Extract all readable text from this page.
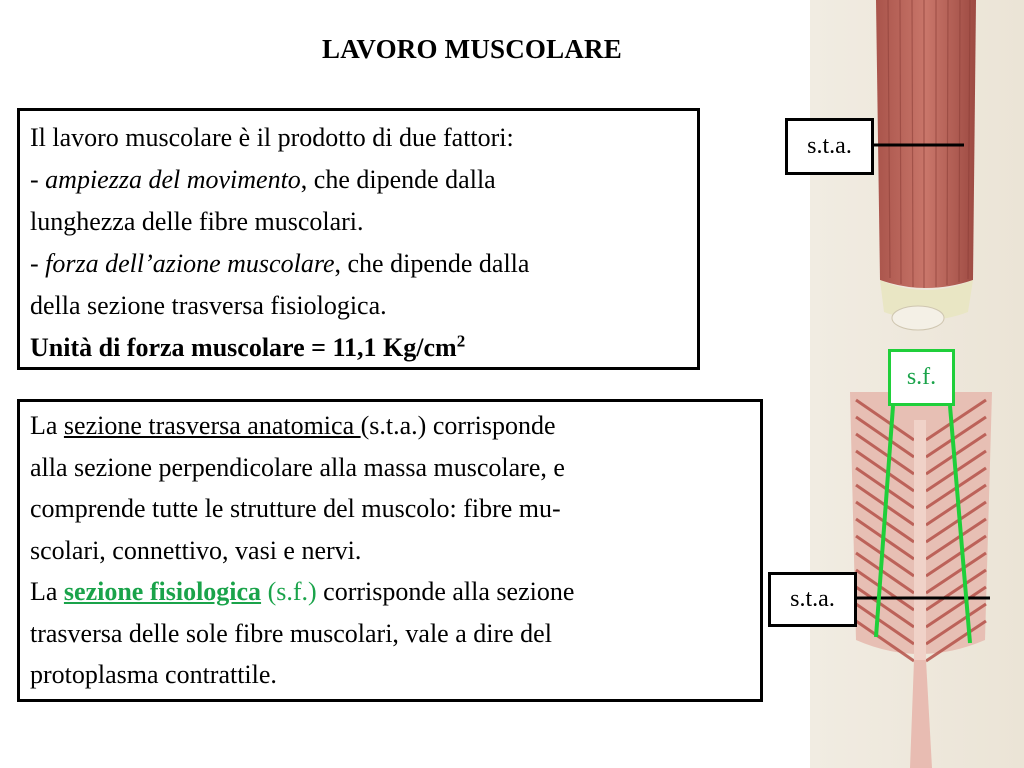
LAVORO MUSCOLARE
Il lavoro muscolare è il prodotto di due fattori:
- ampiezza del movimento, che dipende dalla
lunghezza delle fibre muscolari.
- forza dell’azione muscolare, che dipende dalla
della sezione trasversa fisiologica.
Unità di forza muscolare = 11,1 $Kg/cm^2$
La sezione trasversa anatomica (s.t.a.) corrisponde
alla sezione perpendicolare alla massa muscolare, e
comprende tutte le strutture del muscolo: fibre mu-
scolari, connettivo, vasi e nervi.
La sezione fisiologica (s.f.) corrisponde alla sezione
trasversa delle sole fibre muscolari, vale a dire del
protoplasma contrattile.
s.t.a.
s.f.
s.t.a.
